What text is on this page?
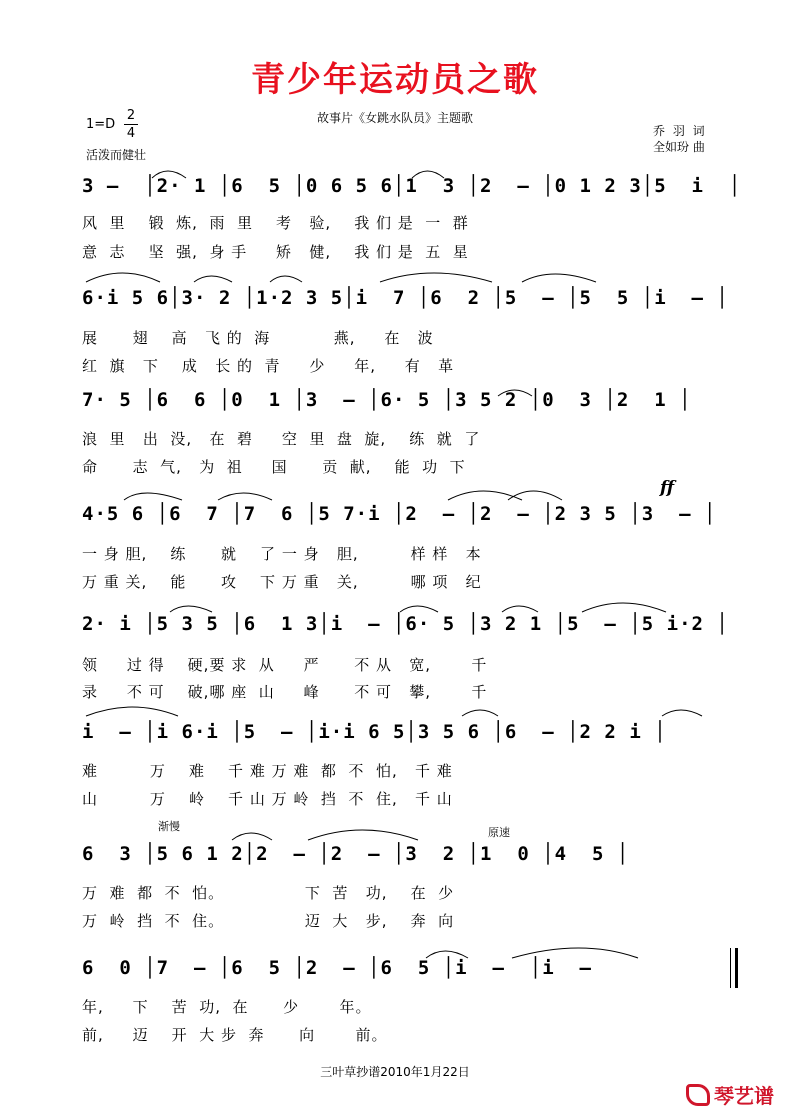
青少年运动员之歌
1=D
2
4
活泼而健壮
故事片《女跳水队员》主题歌
乔 羽 词
全如玢 曲
3 –  │2· 1 │6  5 │0 6 5 6│1  3 │2  – │0 1 2 3│5  i  │
风  里    锻  炼,  雨  里    考   验,    我 们 是  一  群
意  志    坚  强,  身 手     矫   健,    我 们 是  五  星
6·i 5 6│3· 2 │1·2 3 5│i  7 │6  2 │5  – │5  5 │i  – │
展      翅    高   飞 的  海           燕,     在   波
红  旗   下    成   长 的  青     少     年,     有   革
7· 5 │6  6 │0  1 │3  – │6· 5 │3 5 2 │0  3 │2  1 │
浪  里   出  没,   在  碧     空  里  盘  旋,    练  就  了
命      志  气,   为  祖     国      贡  献,    能  功  下
ff
4·5 6 │6  7 │7  6 │5 7·i │2  – │2  – │2 3 5 │3  – │
一 身 胆,    练      就    了 一 身   胆,         样 样   本
万 重 关,    能      攻    下 万 重   关,         哪 项   纪
2· i │5 3 5 │6  1 3│i  – │6· 5 │3 2 1 │5  – │5 i·2 │
领     过 得    硬,要 求  从     严      不 从   宽,       千
录     不 可    破,哪 座  山     峰      不 可   攀,       千
i  – │i 6·i │5  – │i·i 6 5│3 5 6 │6  – │2 2 i │
难         万    难    千 难 万 难  都  不  怕,   千 难
山         万    岭    千 山 万 岭  挡  不  住,   千 山
渐慢	原速
6  3 │5 6 1 2│2  – │2  – │3  2 │1  0 │4  5 │
万  难  都  不  怕。              下  苦   功,    在  少
万  岭  挡  不  住。              迈  大   步,    奔  向
6  0 │7  – │6  5 │2  – │6  5 │i  –  │i  –
年,     下    苦  功,  在      少       年。
前,     迈    开  大 步  奔      向       前。
三叶草抄谱2010年1月22日
琴艺谱
